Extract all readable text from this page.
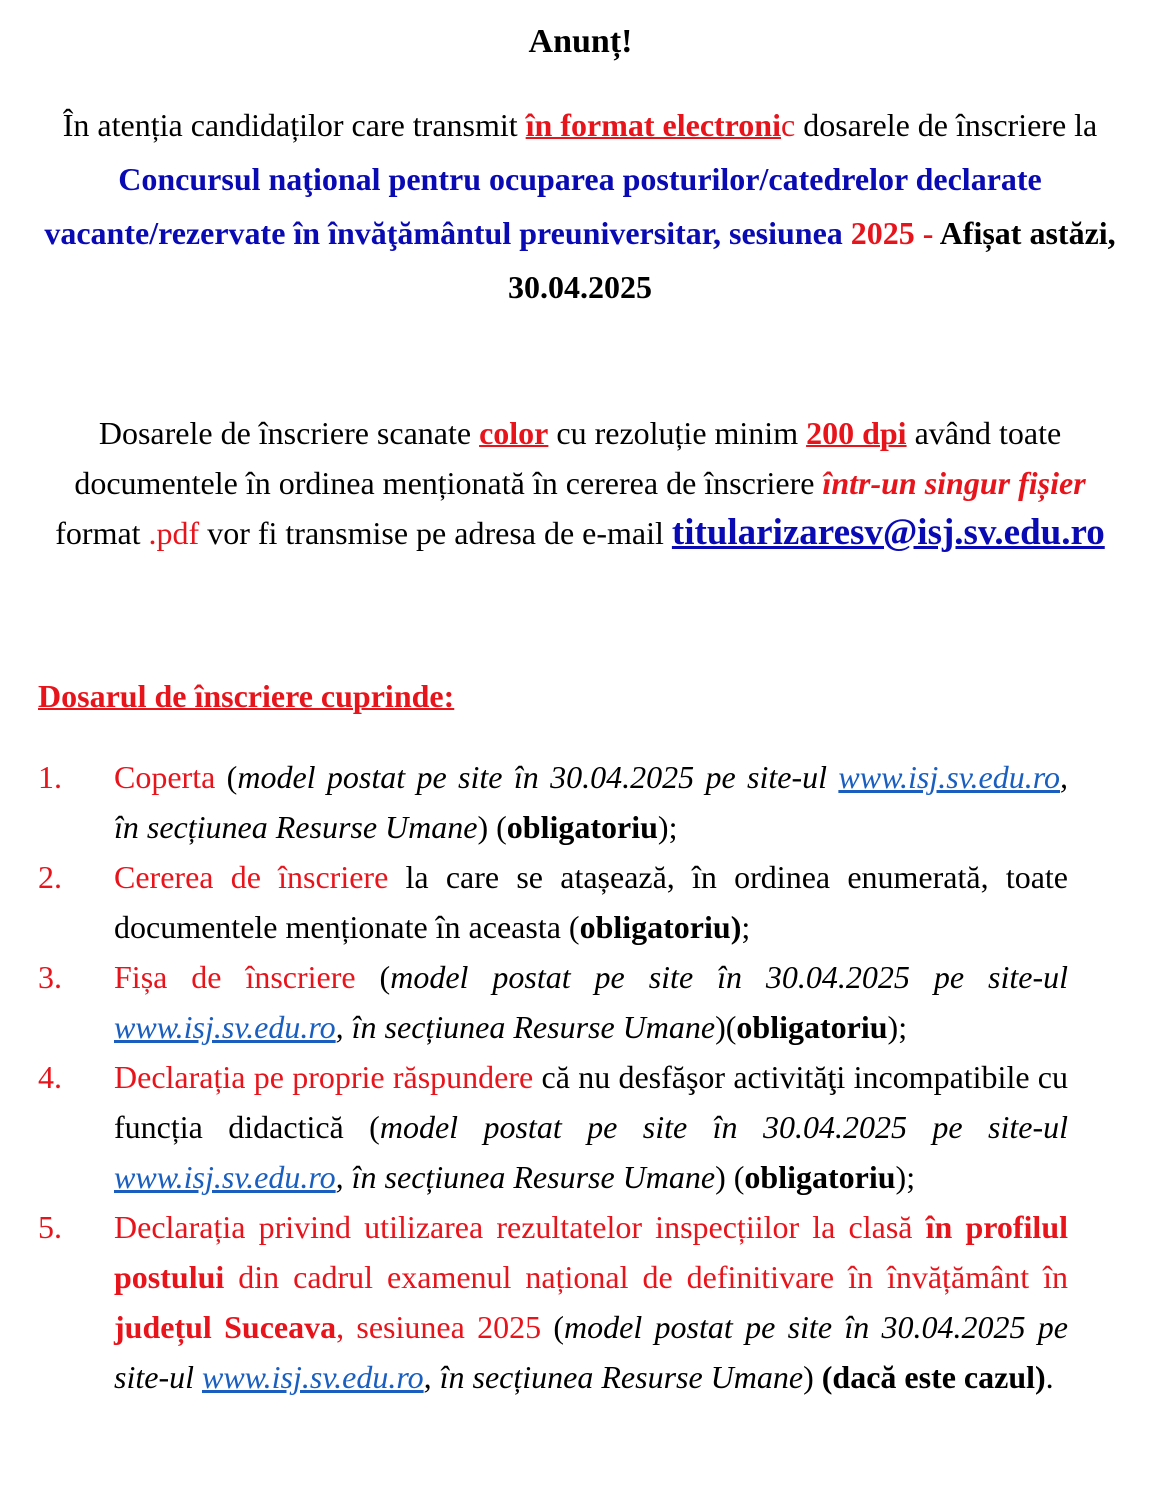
Anunț!
În atenția candidaților care transmit în format electronic dosarele de înscriere la Concursul naţional pentru ocuparea posturilor/catedrelor declarate vacante/rezervate în învăţământul preuniversitar, sesiunea 2025 - Afișat astăzi, 30.04.2025
Dosarele de înscriere scanate color cu rezoluție minim 200 dpi având toate documentele în ordinea menționată în cererea de înscriere într-un singur fișier format .pdf vor fi transmise pe adresa de e-mail titularizaresv@isj.sv.edu.ro
Dosarul de înscriere cuprinde:
1. Coperta (model postat pe site în 30.04.2025 pe site-ul www.isj.sv.edu.ro, în secțiunea Resurse Umane) (obligatoriu);
2. Cererea de înscriere la care se atașează, în ordinea enumerată, toate documentele menționate în aceasta (obligatoriu);
3. Fișa de înscriere (model postat pe site în 30.04.2025 pe site-ul www.isj.sv.edu.ro, în secțiunea Resurse Umane)(obligatoriu);
4. Declarația pe proprie răspundere că nu desfăşor activităţi incompatibile cu funcția didactică (model postat pe site în 30.04.2025 pe site-ul www.isj.sv.edu.ro, în secțiunea Resurse Umane) (obligatoriu);
5. Declarația privind utilizarea rezultatelor inspecțiilor la clasă în profilul postului din cadrul examenul național de definitivare în învățământ în județul Suceava, sesiunea 2025 (model postat pe site în 30.04.2025 pe site-ul www.isj.sv.edu.ro, în secțiunea Resurse Umane) (dacă este cazul).
